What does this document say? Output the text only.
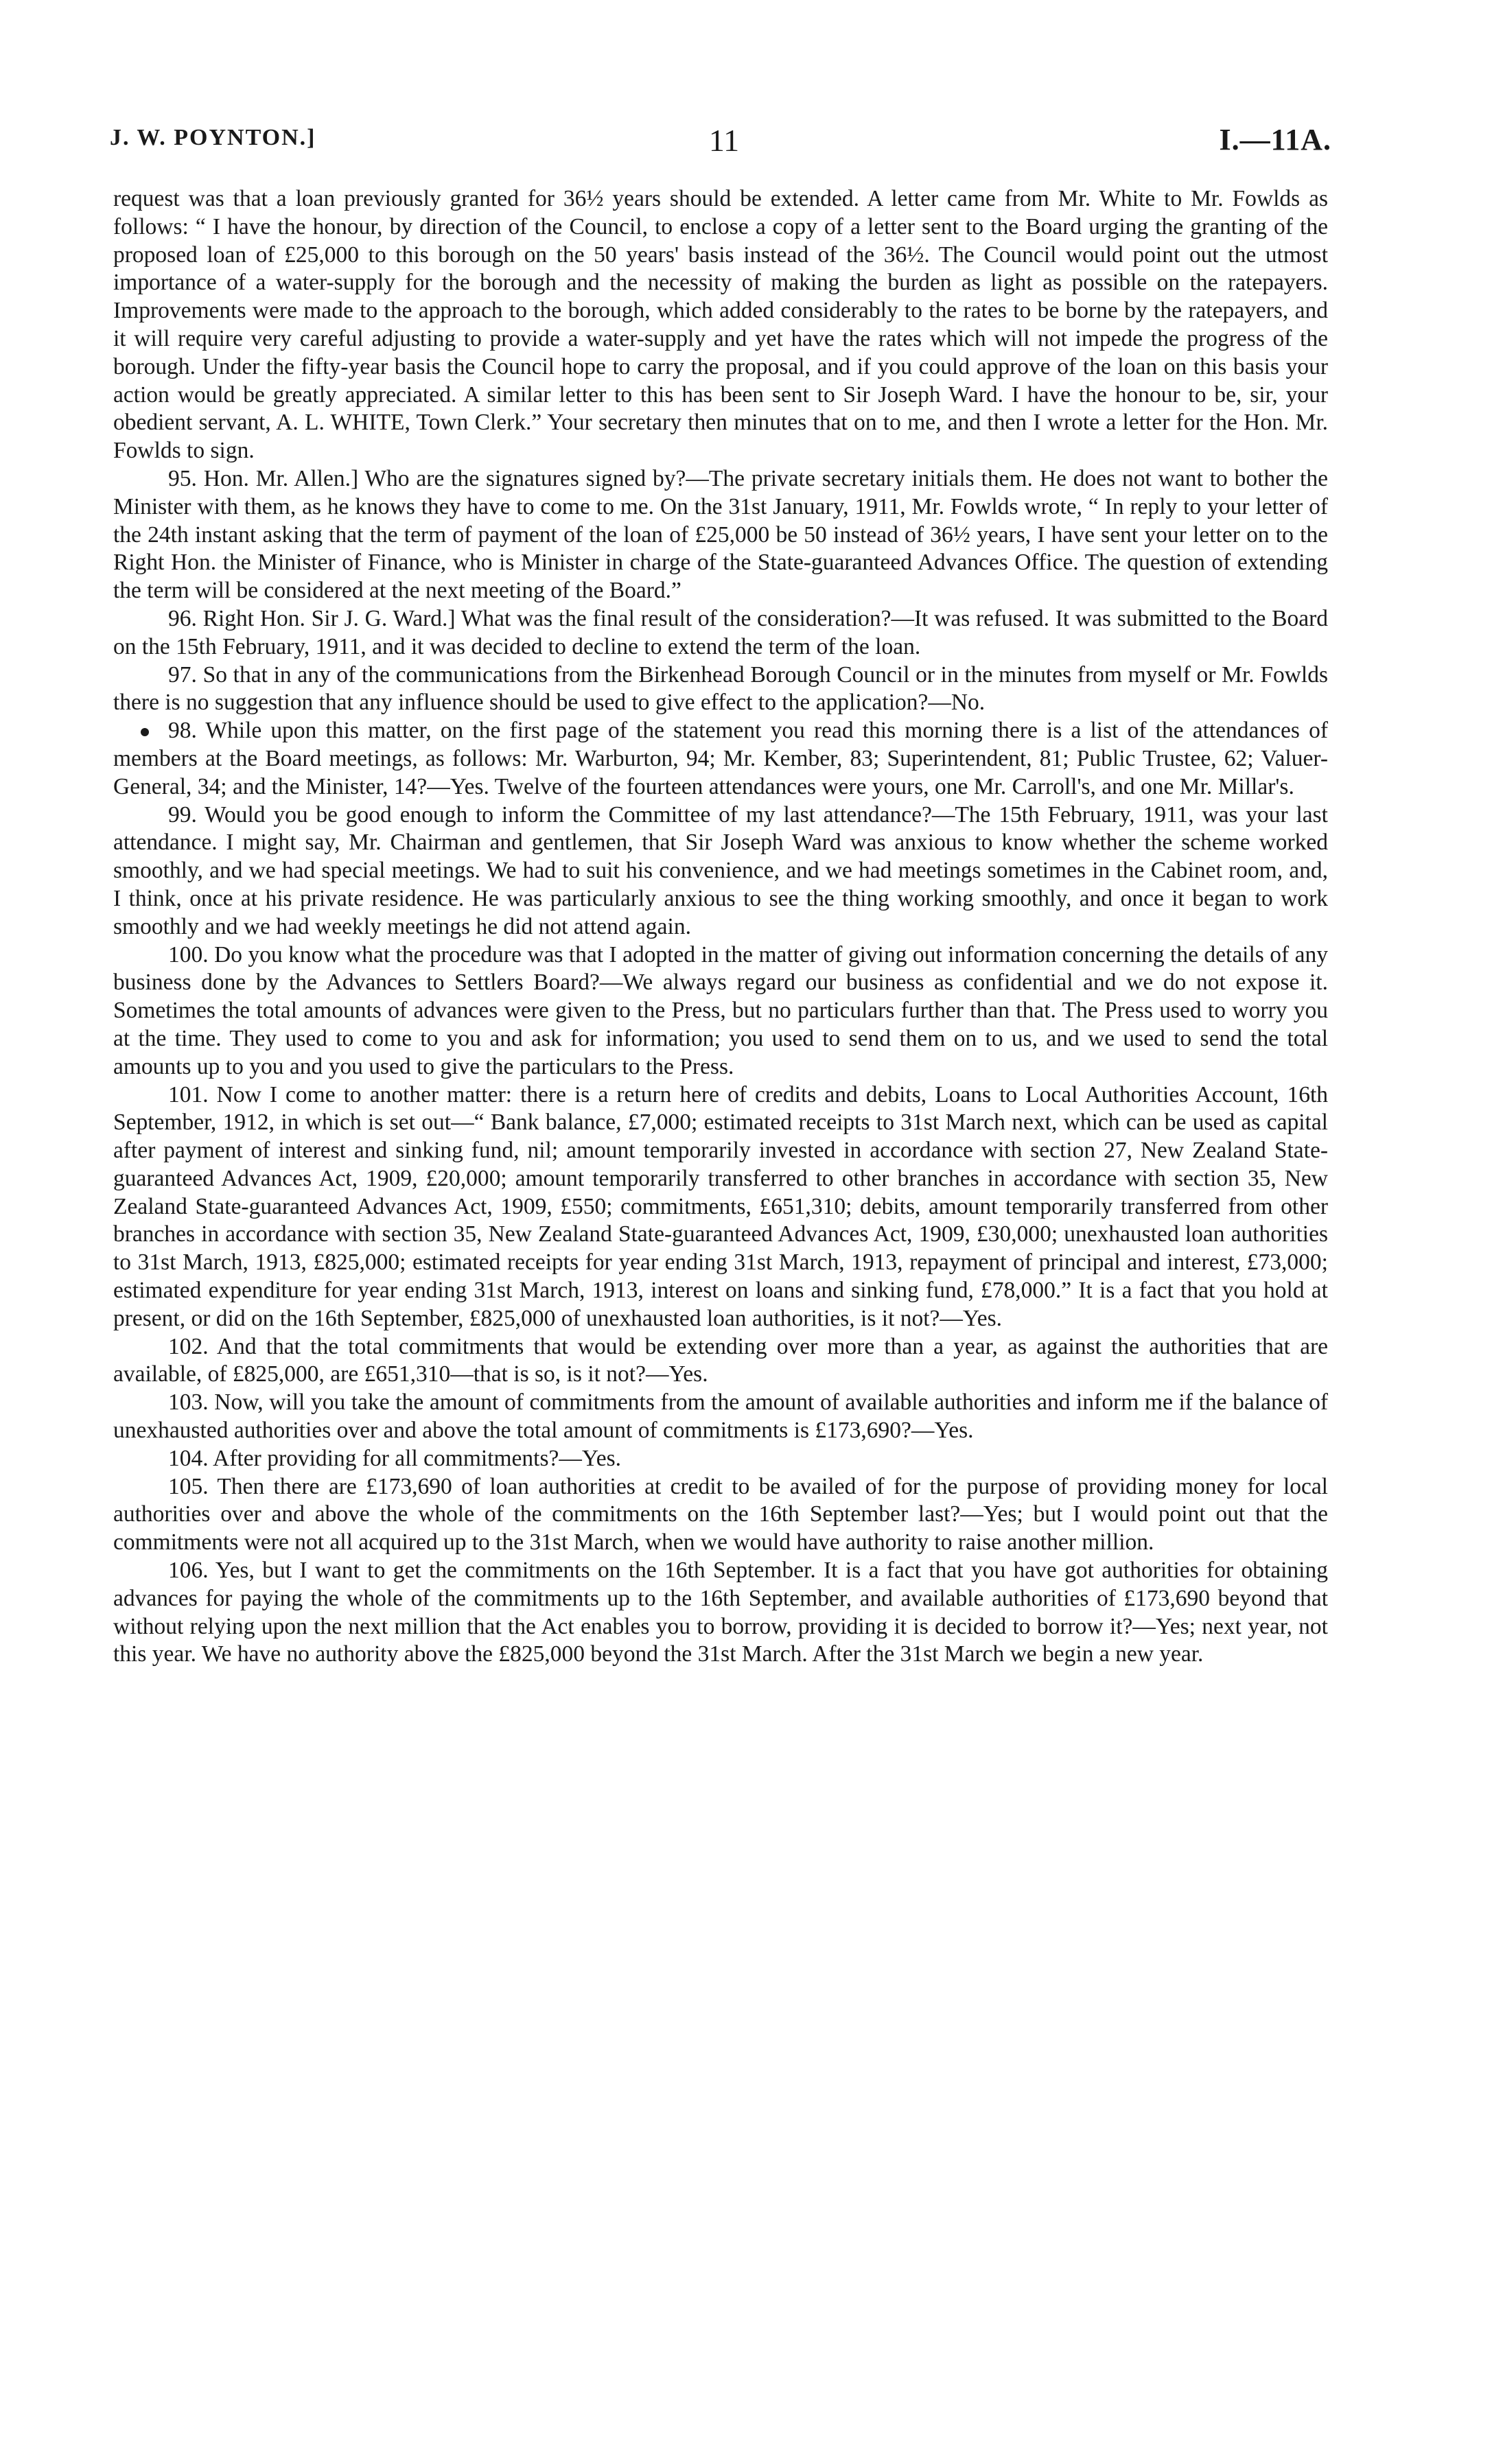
J. W. POYNTON.]	11	I.—11A.

request was that a loan previously granted for 36½ years should be extended. A letter came from Mr. White to Mr. Fowlds as follows: “ I have the honour, by direction of the Council, to enclose a copy of a letter sent to the Board urging the granting of the proposed loan of £25,000 to this borough on the 50 years' basis instead of the 36½. The Council would point out the utmost importance of a water-supply for the borough and the necessity of making the burden as light as possible on the ratepayers. Improvements were made to the approach to the borough, which added considerably to the rates to be borne by the ratepayers, and it will require very careful adjusting to provide a water-supply and yet have the rates which will not impede the progress of the borough. Under the fifty-year basis the Council hope to carry the proposal, and if you could approve of the loan on this basis your action would be greatly appreciated. A similar letter to this has been sent to Sir Joseph Ward. I have the honour to be, sir, your obedient servant, A. L. WHITE, Town Clerk.” Your secretary then minutes that on to me, and then I wrote a letter for the Hon. Mr. Fowlds to sign.

95. Hon. Mr. Allen.] Who are the signatures signed by?—The private secretary initials them. He does not want to bother the Minister with them, as he knows they have to come to me. On the 31st January, 1911, Mr. Fowlds wrote, “ In reply to your letter of the 24th instant asking that the term of payment of the loan of £25,000 be 50 instead of 36½ years, I have sent your letter on to the Right Hon. the Minister of Finance, who is Minister in charge of the State-guaranteed Advances Office. The question of extending the term will be considered at the next meeting of the Board.”

96. Right Hon. Sir J. G. Ward.] What was the final result of the consideration?—It was refused. It was submitted to the Board on the 15th February, 1911, and it was decided to decline to extend the term of the loan.

97. So that in any of the communications from the Birkenhead Borough Council or in the minutes from myself or Mr. Fowlds there is no suggestion that any influence should be used to give effect to the application?—No.

98. While upon this matter, on the first page of the statement you read this morning there is a list of the attendances of members at the Board meetings, as follows: Mr. Warburton, 94; Mr. Kember, 83; Superintendent, 81; Public Trustee, 62; Valuer-General, 34; and the Minister, 14?—Yes. Twelve of the fourteen attendances were yours, one Mr. Carroll's, and one Mr. Millar's.

99. Would you be good enough to inform the Committee of my last attendance?—The 15th February, 1911, was your last attendance. I might say, Mr. Chairman and gentlemen, that Sir Joseph Ward was anxious to know whether the scheme worked smoothly, and we had special meetings. We had to suit his convenience, and we had meetings sometimes in the Cabinet room, and, I think, once at his private residence. He was particularly anxious to see the thing working smoothly, and once it began to work smoothly and we had weekly meetings he did not attend again.

100. Do you know what the procedure was that I adopted in the matter of giving out information concerning the details of any business done by the Advances to Settlers Board?—We always regard our business as confidential and we do not expose it. Sometimes the total amounts of advances were given to the Press, but no particulars further than that. The Press used to worry you at the time. They used to come to you and ask for information; you used to send them on to us, and we used to send the total amounts up to you and you used to give the particulars to the Press.

101. Now I come to another matter: there is a return here of credits and debits, Loans to Local Authorities Account, 16th September, 1912, in which is set out—“ Bank balance, £7,000; estimated receipts to 31st March next, which can be used as capital after payment of interest and sinking fund, nil; amount temporarily invested in accordance with section 27, New Zealand State-guaranteed Advances Act, 1909, £20,000; amount temporarily transferred to other branches in accordance with section 35, New Zealand State-guaranteed Advances Act, 1909, £550; commitments, £651,310; debits, amount temporarily transferred from other branches in accordance with section 35, New Zealand State-guaranteed Advances Act, 1909, £30,000; unexhausted loan authorities to 31st March, 1913, £825,000; estimated receipts for year ending 31st March, 1913, repayment of principal and interest, £73,000; estimated expenditure for year ending 31st March, 1913, interest on loans and sinking fund, £78,000.” It is a fact that you hold at present, or did on the 16th September, £825,000 of unexhausted loan authorities, is it not?—Yes.

102. And that the total commitments that would be extending over more than a year, as against the authorities that are available, of £825,000, are £651,310—that is so, is it not?—Yes.

103. Now, will you take the amount of commitments from the amount of available authorities and inform me if the balance of unexhausted authorities over and above the total amount of commitments is £173,690?—Yes.

104. After providing for all commitments?—Yes.

105. Then there are £173,690 of loan authorities at credit to be availed of for the purpose of providing money for local authorities over and above the whole of the commitments on the 16th September last?—Yes; but I would point out that the commitments were not all acquired up to the 31st March, when we would have authority to raise another million.

106. Yes, but I want to get the commitments on the 16th September. It is a fact that you have got authorities for obtaining advances for paying the whole of the commitments up to the 16th September, and available authorities of £173,690 beyond that without relying upon the next million that the Act enables you to borrow, providing it is decided to borrow it?—Yes; next year, not this year. We have no authority above the £825,000 beyond the 31st March. After the 31st March we begin a new year.
